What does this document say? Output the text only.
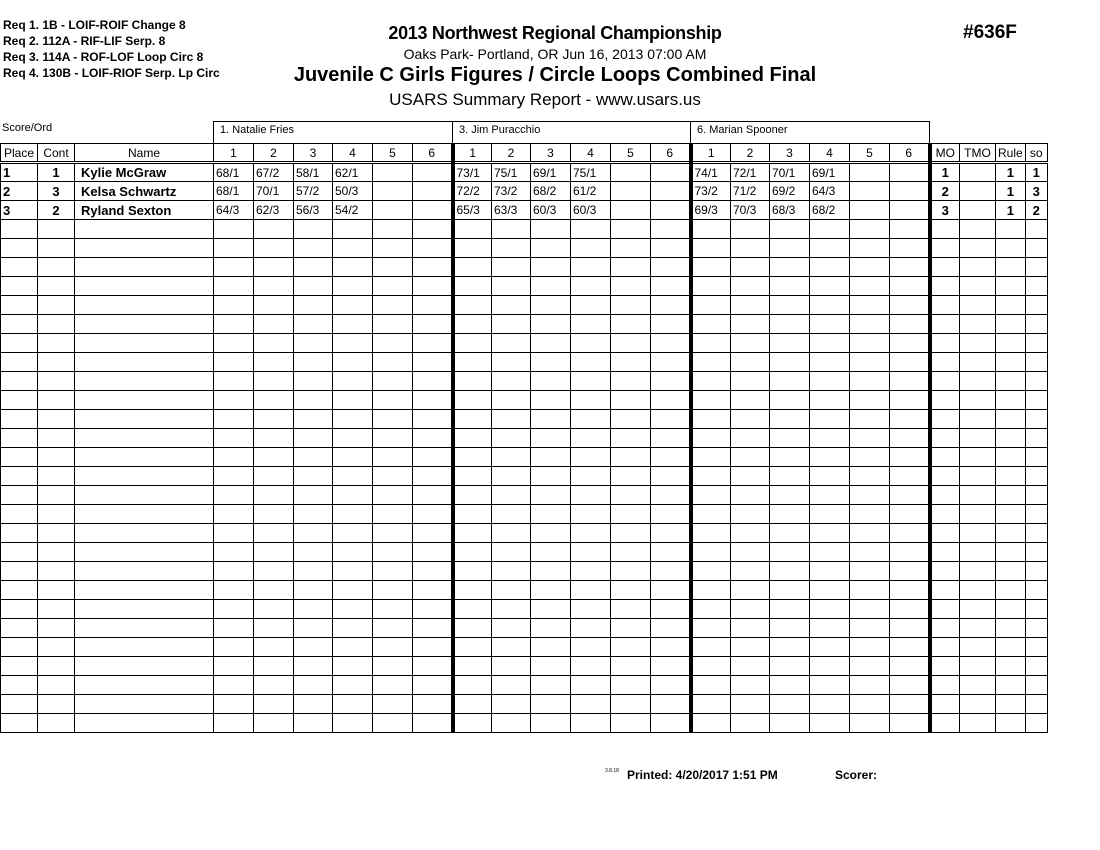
Req 1. 1B - LOIF-ROIF Change 8
Req 2. 112A - RIF-LIF Serp. 8
Req 3. 114A - ROF-LOF Loop Circ 8
Req 4. 130B - LOIF-RIOF Serp. Lp Circ
2013 Northwest Regional Championship
Oaks Park- Portland, OR Jun 16, 2013 07:00 AM
Juvenile C Girls Figures / Circle Loops Combined Final
USARS Summary Report - www.usars.us
#636F
Score/Ord	1. Natalie Fries	3. Jim Puracchio	6. Marian Spooner
Place	Cont	Name	1	2	3	4	5	6	1	2	3	4	5	6	1	2	3	4	5	6	MO	TMO	Rule	so
1	1	Kylie McGraw	68/1	67/2	58/1	62/1			73/1	75/1	69/1	75/1			74/1	72/1	70/1	69/1			1		1	1
2	3	Kelsa Schwartz	68/1	70/1	57/2	50/3			72/2	73/2	68/2	61/2			73/2	71/2	69/2	64/3			2		1	3
3	2	Ryland Sexton	64/3	62/3	56/3	54/2			65/3	63/3	60/3	60/3			69/3	70/3	68/3	68/2			3		1	2

3.8.18 Printed: 4/20/2017 1:51 PM	Scorer:
